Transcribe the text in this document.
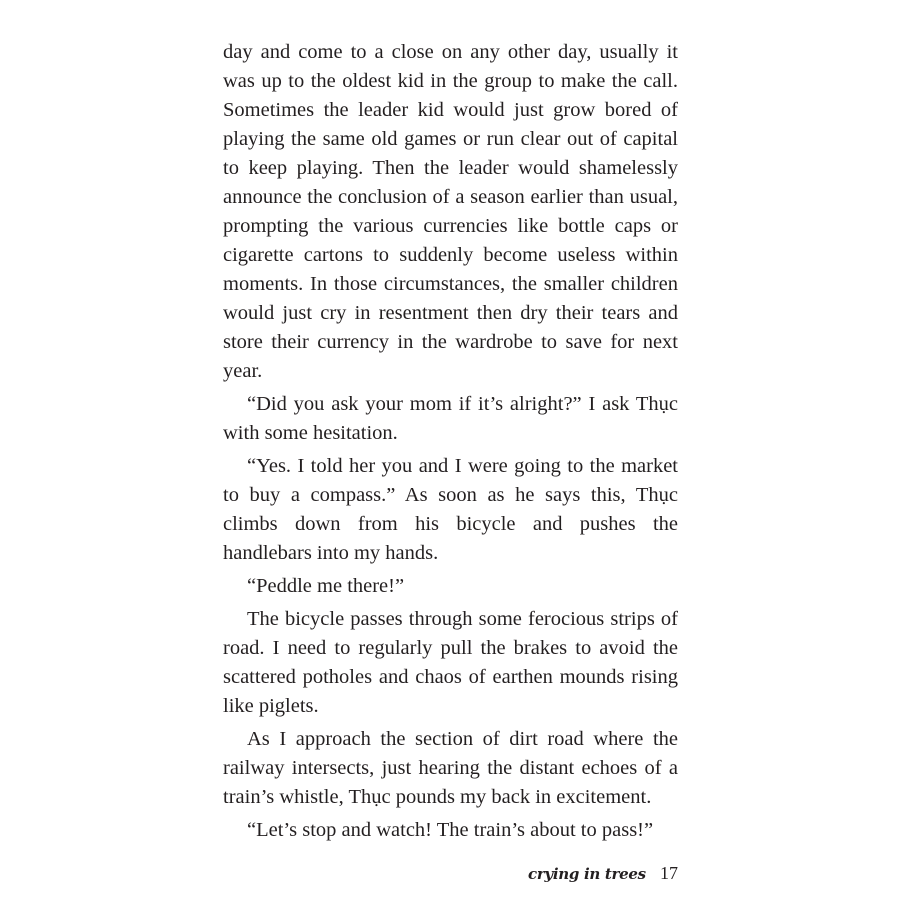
day and come to a close on any other day, usually it was up to the oldest kid in the group to make the call. Sometimes the leader kid would just grow bored of playing the same old games or run clear out of capital to keep playing. Then the leader would shamelessly announce the conclusion of a season earlier than usual, prompting the various currencies like bottle caps or cigarette cartons to suddenly become useless within moments. In those circumstances, the smaller children would just cry in resentment then dry their tears and store their currency in the wardrobe to save for next year.

“Did you ask your mom if it’s alright?” I ask Thục with some hesitation.

“Yes. I told her you and I were going to the market to buy a compass.” As soon as he says this, Thục climbs down from his bicycle and pushes the handlebars into my hands.

“Peddle me there!”

The bicycle passes through some ferocious strips of road. I need to regularly pull the brakes to avoid the scattered potholes and chaos of earthen mounds rising like piglets.

As I approach the section of dirt road where the railway intersects, just hearing the distant echoes of a train’s whistle, Thục pounds my back in excitement.

“Let’s stop and watch! The train’s about to pass!”

crying in trees 17
